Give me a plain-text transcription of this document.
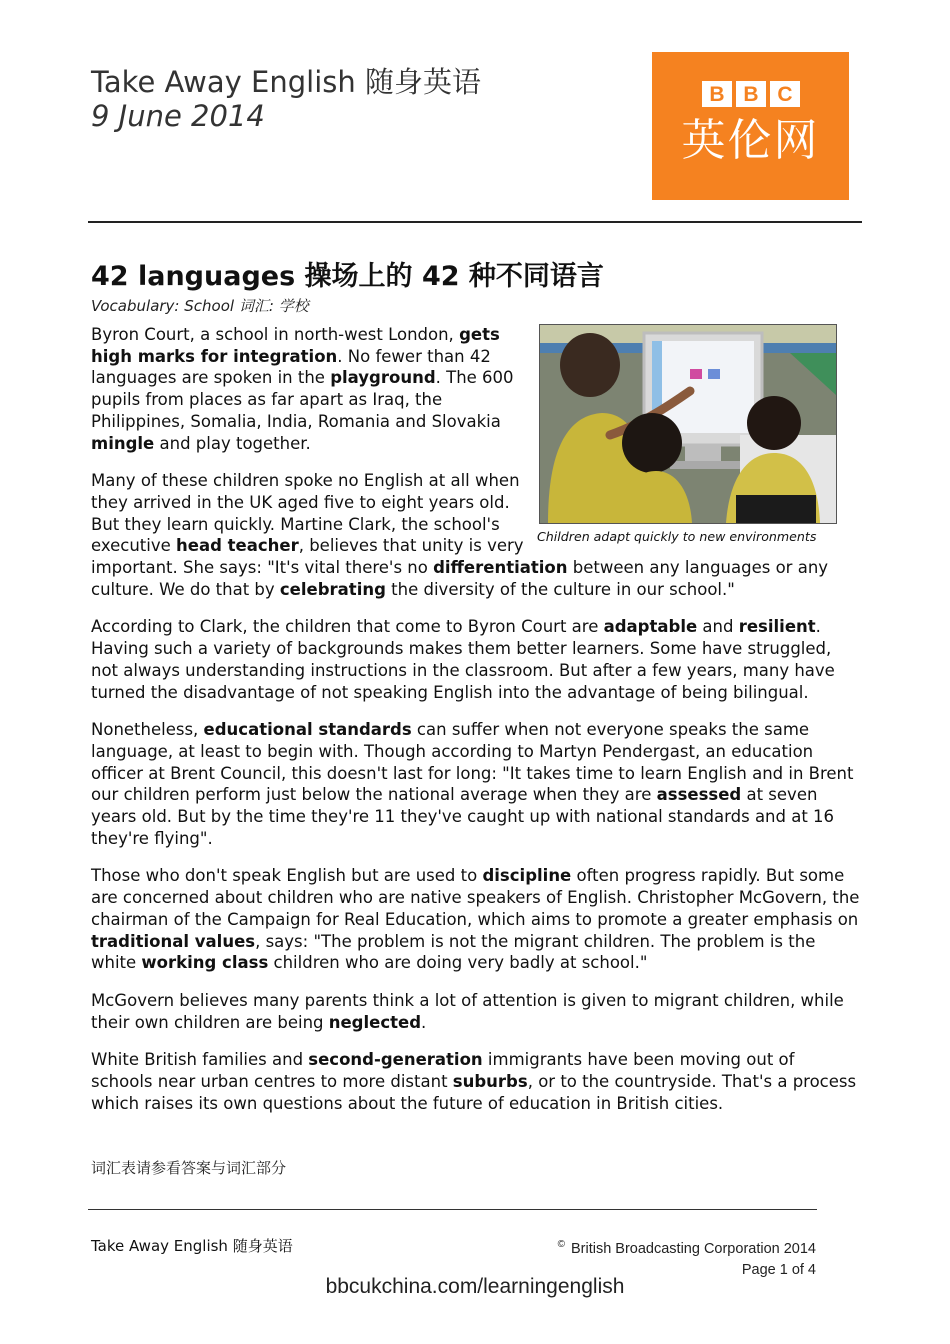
Take Away English 随身英语
9 June 2014
B B C
英伦网
42 languages 操场上的 42 种不同语言
Vocabulary: School 词汇: 学校
Children adapt quickly to new environments

Byron Court, a school in north-west London, gets high marks for integration. No fewer than 42 languages are spoken in the playground. The 600 pupils from places as far apart as Iraq, the Philippines, Somalia, India, Romania and Slovakia mingle and play together.

Many of these children spoke no English at all when they arrived in the UK aged five to eight years old. But they learn quickly. Martine Clark, the school's executive head teacher, believes that unity is very important. She says: "It's vital there's no differentiation between any languages or any culture. We do that by celebrating the diversity of the culture in our school."

According to Clark, the children that come to Byron Court are adaptable and resilient. Having such a variety of backgrounds makes them better learners. Some have struggled, not always understanding instructions in the classroom. But after a few years, many have turned the disadvantage of not speaking English into the advantage of being bilingual.

Nonetheless, educational standards can suffer when not everyone speaks the same language, at least to begin with. Though according to Martyn Pendergast, an education officer at Brent Council, this doesn't last for long: "It takes time to learn English and in Brent our children perform just below the national average when they are assessed at seven years old. But by the time they're 11 they've caught up with national standards and at 16 they're flying".

Those who don't speak English but are used to discipline often progress rapidly. But some are concerned about children who are native speakers of English. Christopher McGovern, the chairman of the Campaign for Real Education, which aims to promote a greater emphasis on traditional values, says: "The problem is not the migrant children. The problem is the white working class children who are doing very badly at school."

McGovern believes many parents think a lot of attention is given to migrant children, while their own children are being neglected.

White British families and second-generation immigrants have been moving out of schools near urban centres to more distant suburbs, or to the countryside. That's a process which raises its own questions about the future of education in British cities.

词汇表请参看答案与词汇部分
Take Away English 随身英语	© British Broadcasting Corporation 2014
Page 1 of 4
bbcukchina.com/learningenglish
